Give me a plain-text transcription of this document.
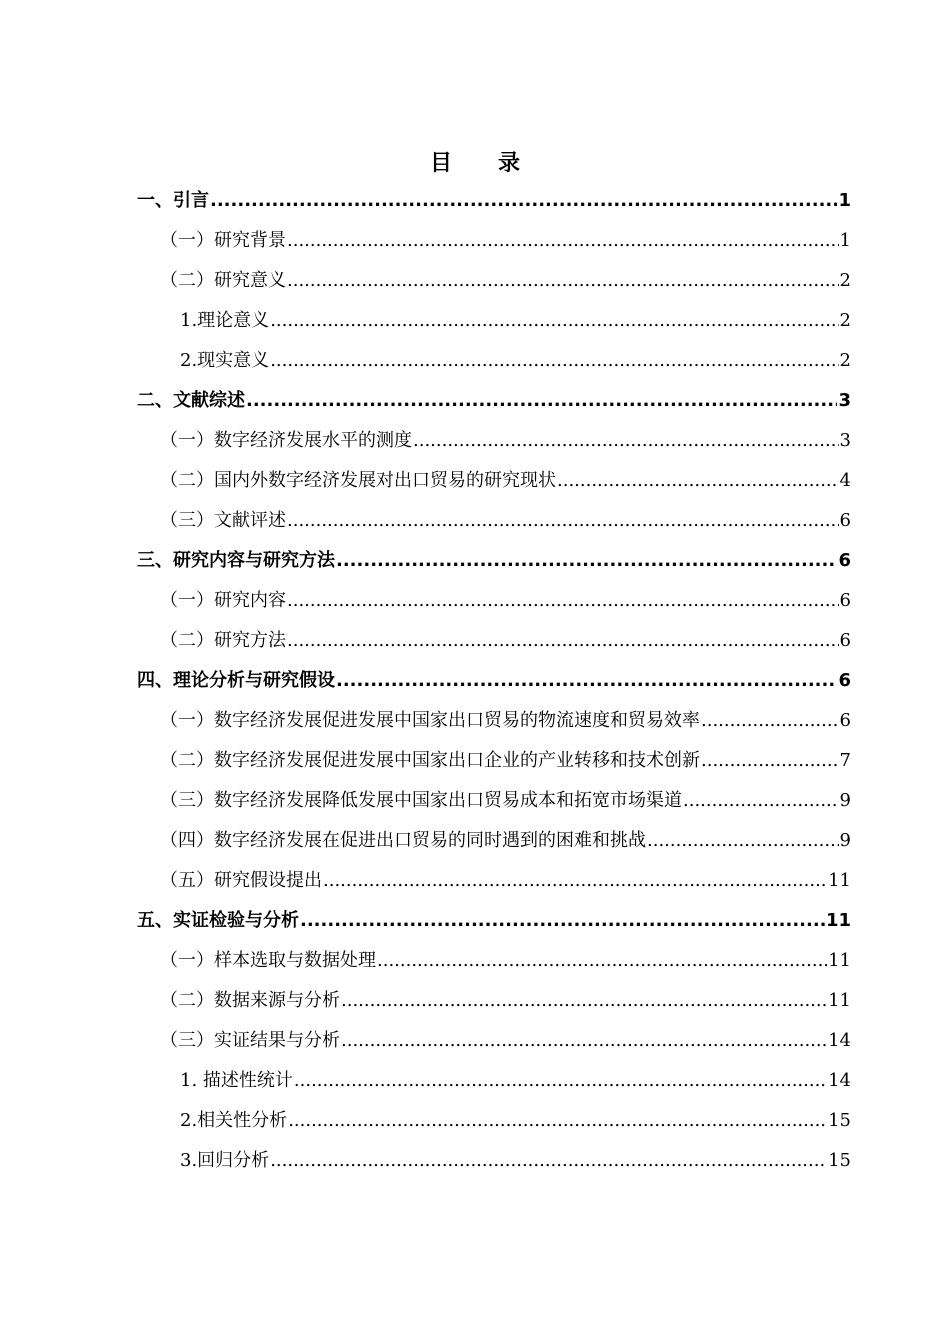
目 录
一、引言 .....	1
（一）研究背景 .....	1
（二）研究意义 .....	2
1.理论意义 .....	2
2.现实意义 .....	2
二、文献综述 .....	3
（一）数字经济发展水平的测度 .....	3
（二）国内外数字经济发展对出口贸易的研究现状 .....	4
（三）文献评述 .....	6
三、研究内容与研究方法 .....	6
（一）研究内容 .....	6
（二）研究方法 .....	6
四、理论分析与研究假设 .....	6
（一）数字经济发展促进发展中国家出口贸易的物流速度和贸易效率 .....	6
（二）数字经济发展促进发展中国家出口企业的产业转移和技术创新 .....	7
（三）数字经济发展降低发展中国家出口贸易成本和拓宽市场渠道 .....	9
（四）数字经济发展在促进出口贸易的同时遇到的困难和挑战 .....	9
（五）研究假设提出 .....	11
五、实证检验与分析 .....	11
（一）样本选取与数据处理 .....	11
（二）数据来源与分析 .....	11
（三）实证结果与分析 .....	14
1. 描述性统计 .....	14
2.相关性分析 .....	15
3.回归分析 .....	15
